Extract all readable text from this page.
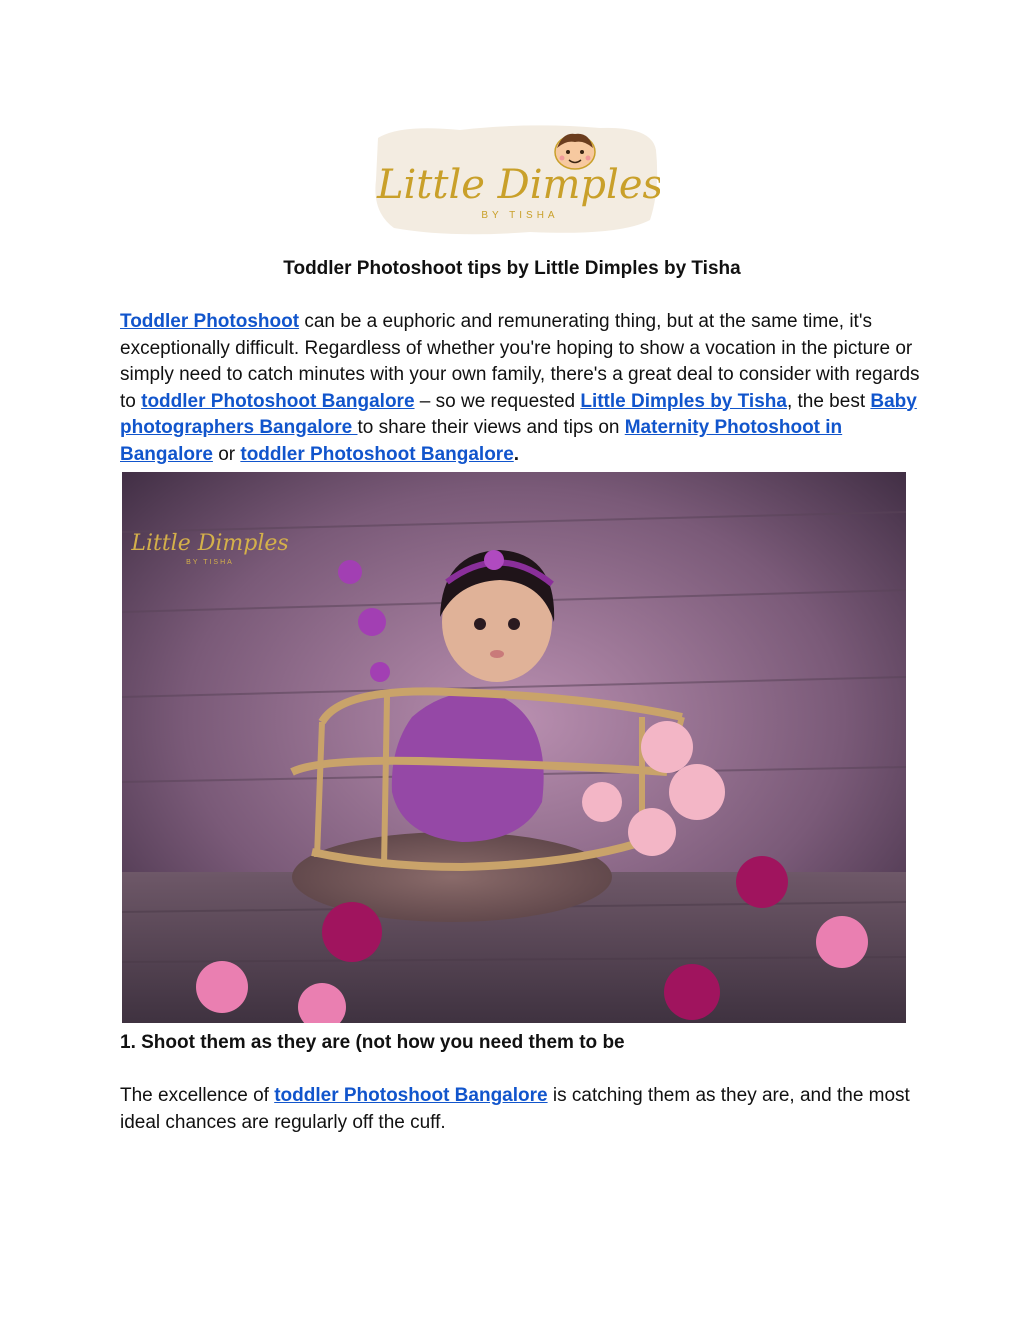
Little Dimples
BY TISHA
Toddler Photoshoot tips by Little Dimples by Tisha

Toddler Photoshoot can be a euphoric and remunerating thing, but at the same time, it's exceptionally difficult. Regardless of whether you're hoping to show a vocation in the picture or simply need to catch minutes with your own family, there's a great deal to consider with regards to toddler Photoshoot Bangalore – so we requested Little Dimples by Tisha, the best Baby photographers Bangalore to share their views and tips on Maternity Photoshoot in Bangalore or toddler Photoshoot Bangalore.

Little Dimples
BY TISHA
1. Shoot them as they are (not how you need them to be

The excellence of toddler Photoshoot Bangalore is catching them as they are, and the most ideal chances are regularly off the cuff.
